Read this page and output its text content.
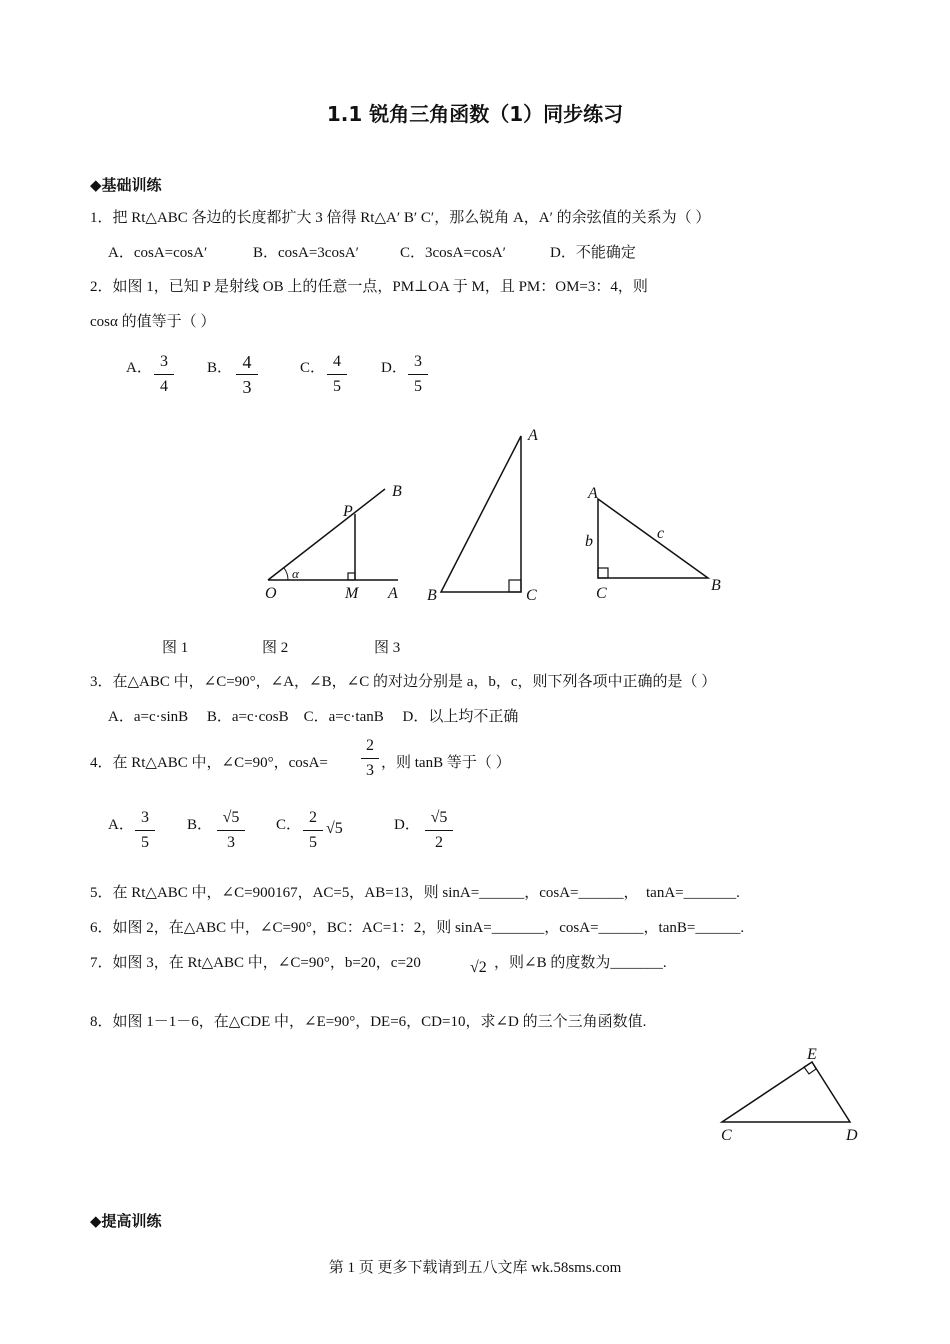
1.1 锐角三角函数（1）同步练习
◆基础训练
1．把 Rt△ABC 各边的长度都扩大 3 倍得 Rt△A′ B′ C′，那么锐角 A，A′ 的余弦值的关系为（ ）
A．cosA=cosA′	B．cosA=3cosA′	C．3cosA=cosA′	D．不能确定
2．如图 1，已知 P 是射线 OB 上的任意一点，PM⊥OA 于 M，且 PM：OM=3：4，则
cosα 的值等于（ ）
A． 3
4
B． 4
3
C． 4
5
D． 3
5
O	M A
P
B
α
A
B	C
A
B
C
b	c
图 1	图 2	图 3
3．在△ABC 中，∠C=90°，∠A，∠B，∠C 的对边分别是 a，b，c，则下列各项中正确的是（ ）
A．a=c·sinB　 B．a=c·cosB　C．a=c·tanB　 D．以上均不正确
4．在 Rt△ABC 中，∠C=90°，cosA=
2
3 ，则 tanB 等于（ ）
A． 3
5
B． √5
3
C． 2
5
√5	D． √5
2
5．在 Rt△ABC 中，∠C=900167，AC=5，AB=13，则 sinA=______，cosA=______，　tanA=_______.
6．如图 2，在△ABC 中，∠C=90°，BC：AC=1：2，则 sinA=_______，cosA=______，tanB=______.
7．如图 3，在 Rt△ABC 中，∠C=90°，b=20，c=20	√2 ，则∠B 的度数为_______.
8．如图 1－1－6，在△CDE 中，∠E=90°，DE=6，CD=10，求∠D 的三个三角函数值.
E
C	D
◆提高训练
第 1 页 更多下载请到五八文库 wk.58sms.com
